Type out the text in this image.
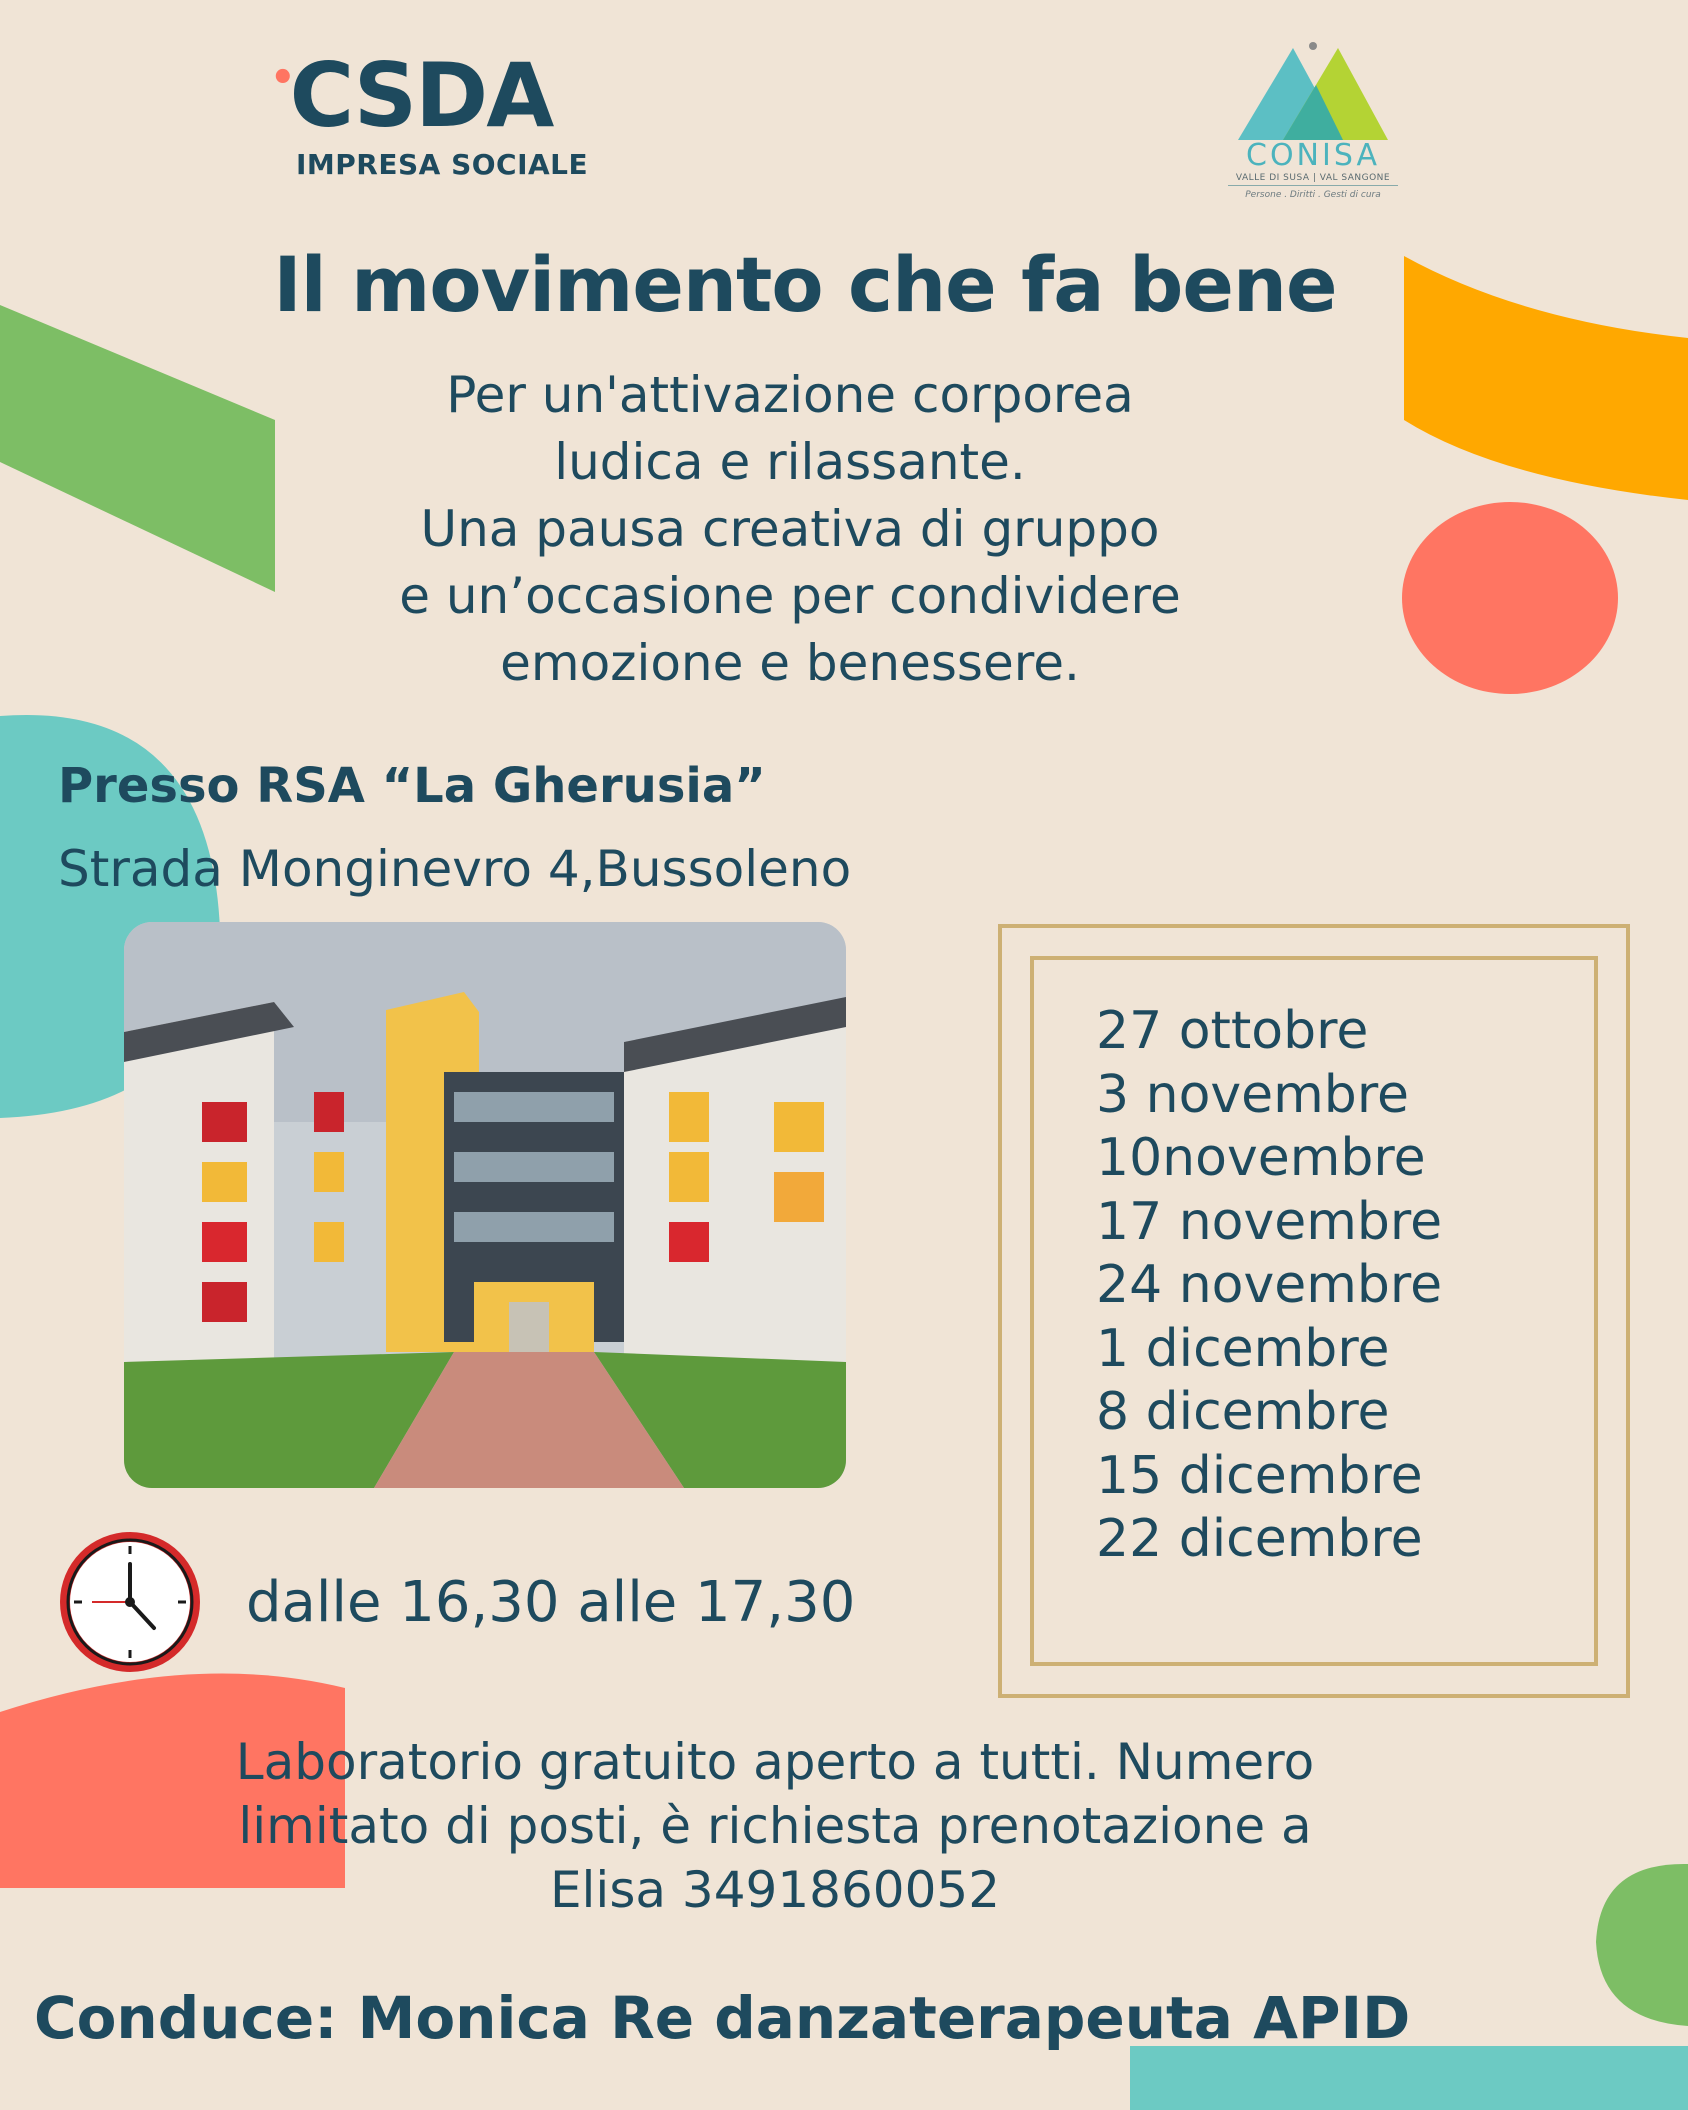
•CSDA
IMPRESA SOCIALE	CONISA
VALLE DI SUSA | VAL SANGONE
Persone . Diritti . Gesti di cura
Il movimento che fa bene
Per un'attivazione corporea
ludica e rilassante.
Una pausa creativa di gruppo
e un’occasione per condividere
emozione e benessere.
Presso RSA “La Gherusia”
Strada Monginevro 4,Bussoleno
27 ottobre
3 novembre
10novembre
17 novembre
24 novembre
1 dicembre
8 dicembre
15 dicembre
22 dicembre
dalle 16,30 alle 17,30
Laboratorio gratuito aperto a tutti. Numero
limitato di posti, è richiesta prenotazione a
Elisa 3491860052
Conduce: Monica Re danzaterapeuta APID
